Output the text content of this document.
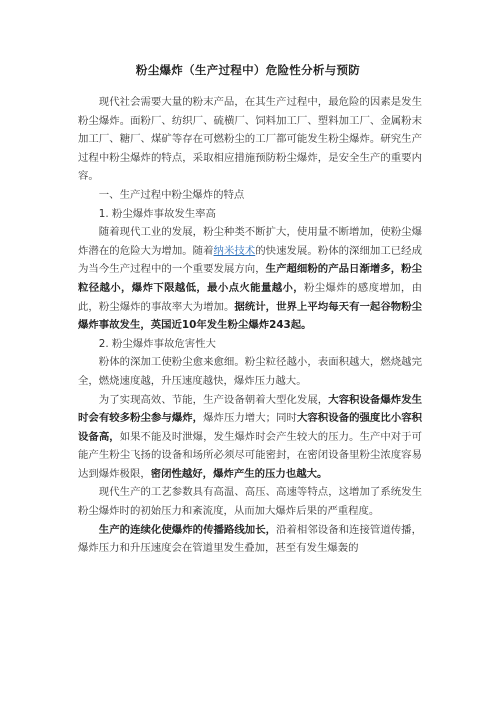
粉尘爆炸（生产过程中）危险性分析与预防

现代社会需要大量的粉末产品，在其生产过程中，最危险的因素是发生粉尘爆炸。面粉厂、纺织厂、硫横厂、饲料加工厂、塑料加工厂、金属粉末加工厂、糖厂、煤矿等存在可燃粉尘的工厂都可能发生粉尘爆炸。研究生产过程中粉尘爆炸的特点，采取相应措施预防粉尘爆炸，是安全生产的重要内容。

一、生产过程中粉尘爆炸的特点

1. 粉尘爆炸事故发生率高

随着现代工业的发展，粉尘种类不断扩大，使用量不断增加，使粉尘爆炸潜在的危险大为增加。随着纳米技术的快速发展。粉体的深细加工已经成为当今生产过程中的一个重要发展方向，生产超细粉的产品日渐增多，粉尘粒径越小，爆炸下限越低，最小点火能量越小，粉尘爆炸的感度增加，由此，粉尘爆炸的事故率大为增加。据统计，世界上平均每天有一起谷物粉尘爆炸事故发生，英国近10年发生粉尘爆炸243起。

2. 粉尘爆炸事故危害性大

粉体的深加工使粉尘愈来愈细。粉尘粒径越小，表面积越大，燃烧越完全，燃烧速度越，升压速度越快，爆炸压力越大。

为了实现高效、节能，生产设备朝着大型化发展，大容积设备爆炸发生时会有较多粉尘参与爆炸，爆炸压力增大；同时大容积设备的强度比小容积设备高，如果不能及时泄爆，发生爆炸时会产生较大的压力。生产中对于可能产生粉尘飞扬的设备和场所必须尽可能密封，在密闭设备里粉尘浓度容易达到爆炸极限，密闭性越好，爆炸产生的压力也越大。

现代生产的工艺参数具有高温、高压、高速等特点，这增加了系统发生粉尘爆炸时的初始压力和紊流度，从而加大爆炸后果的严重程度。

生产的连续化使爆炸的传播路线加长，沿着相邻设备和连接管道传播，爆炸压力和升压速度会在管道里发生叠加，甚至有发生爆轰的
